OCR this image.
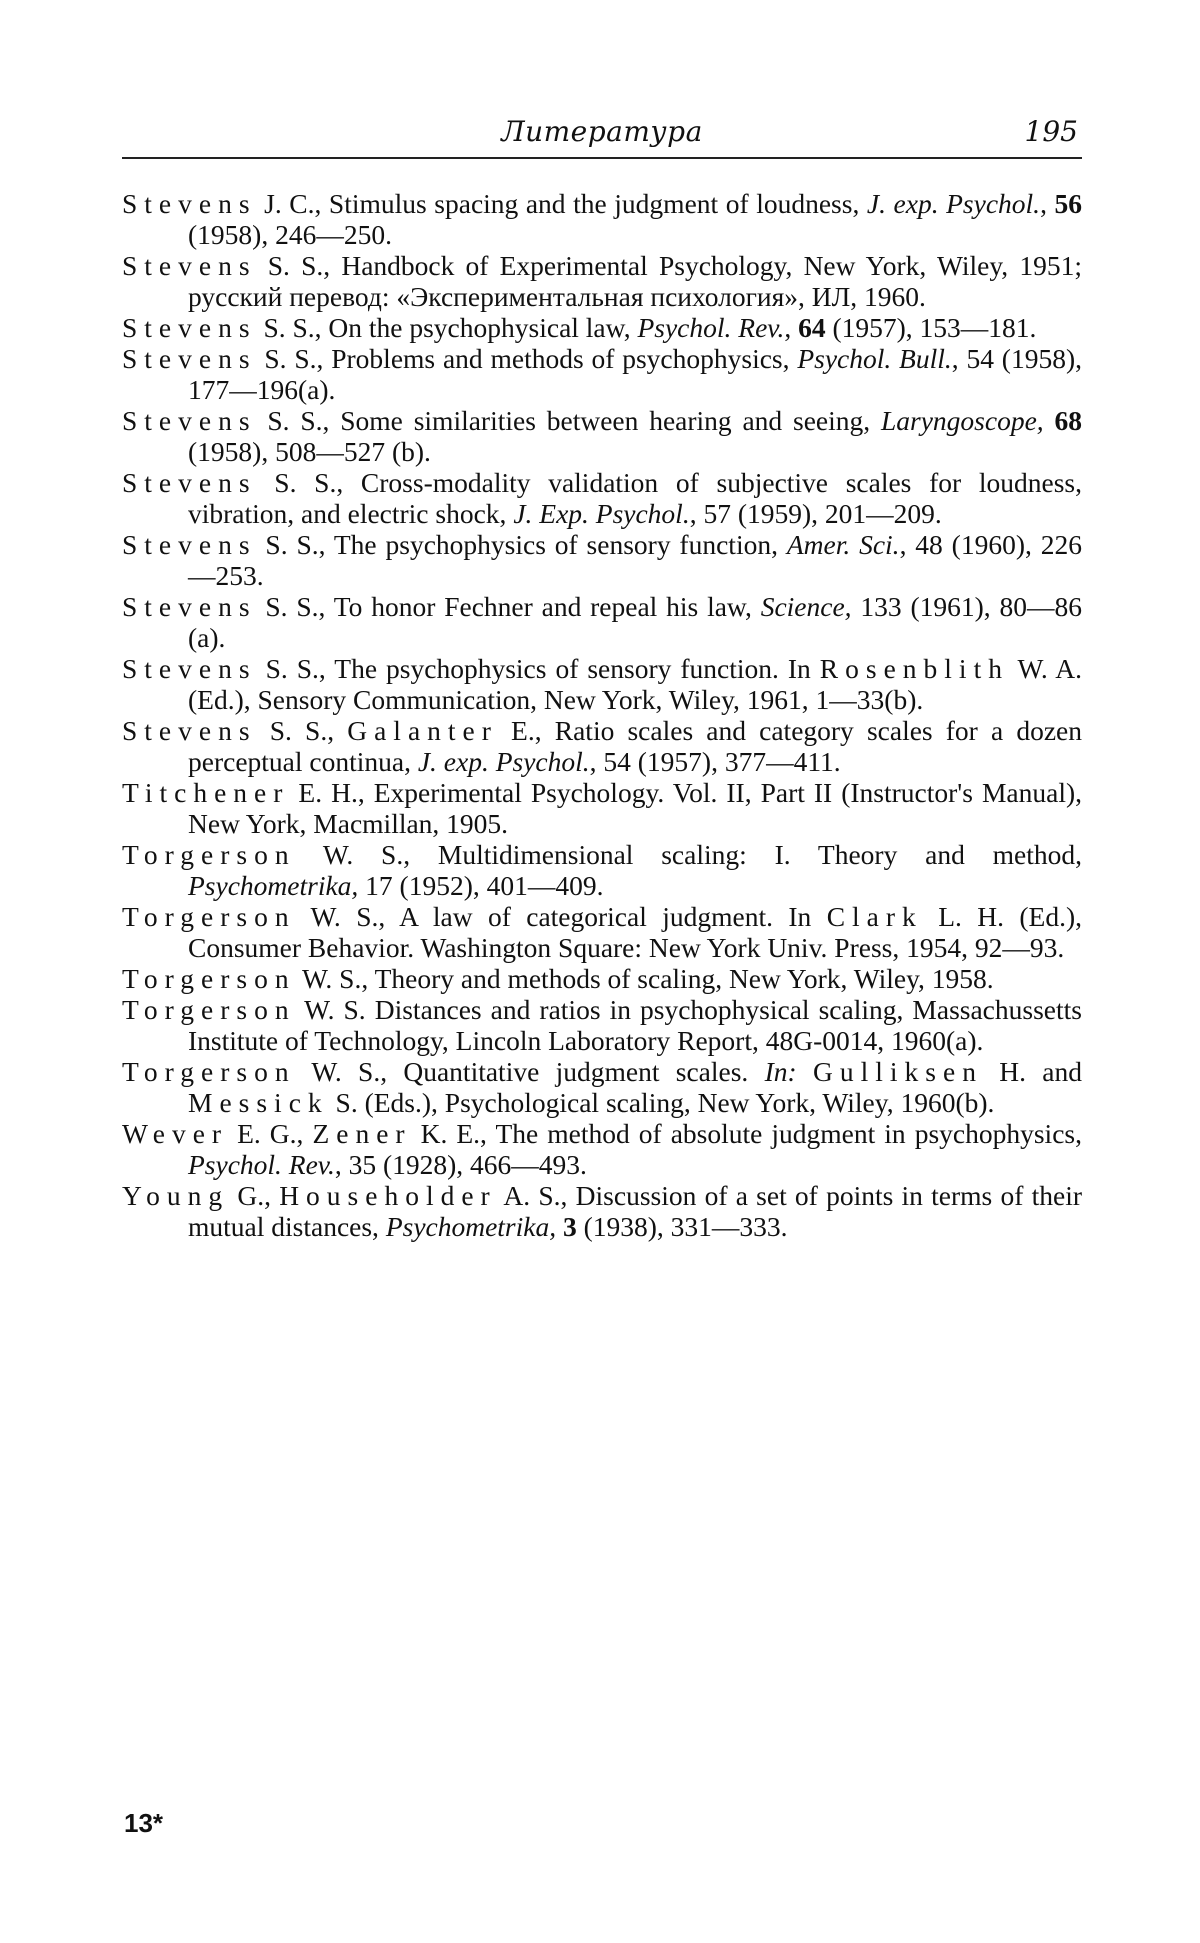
Литература	195
Stevens J. C., Stimulus spacing and the judgment of loudness, J. exp. Psychol., 56 (1958), 246—250.
Stevens S. S., Handbock of Experimental Psychology, New York, Wiley, 1951; русский перевод: «Экспериментальная психология», ИЛ, 1960.
Stevens S. S., On the psychophysical law, Psychol. Rev., 64 (1957), 153—181.
Stevens S. S., Problems and methods of psychophysics, Psychol. Bull., 54 (1958), 177—196(a).
Stevens S. S., Some similarities between hearing and seeing, Laryngoscope, 68 (1958), 508—527 (b).
Stevens S. S., Cross-modality validation of subjective scales for loudness, vibration, and electric shock, J. Exp. Psychol., 57 (1959), 201—209.
Stevens S. S., The psychophysics of sensory function, Amer. Sci., 48 (1960), 226—253.
Stevens S. S., To honor Fechner and repeal his law, Science, 133 (1961), 80—86 (a).
Stevens S. S., The psychophysics of sensory function. In Rosenblith W. A. (Ed.), Sensory Communication, New York, Wiley, 1961, 1—33(b).
Stevens S. S., Galanter E., Ratio scales and category scales for a dozen perceptual continua, J. exp. Psychol., 54 (1957), 377—411.
Titchener E. H., Experimental Psychology. Vol. II, Part II (Instructor's Manual), New York, Macmillan, 1905.
Torgerson W. S., Multidimensional scaling: I. Theory and method, Psychometrika, 17 (1952), 401—409.
Torgerson W. S., A law of categorical judgment. In Clark L. H. (Ed.), Consumer Behavior. Washington Square: New York Univ. Press, 1954, 92—93.
Torgerson W. S., Theory and methods of scaling, New York, Wiley, 1958.
Torgerson W. S. Distances and ratios in psychophysical scaling, Massachussetts Institute of Technology, Lincoln Laboratory Report, 48G-0014, 1960(a).
Torgerson W. S., Quantitative judgment scales. In: Gulliksen H. and Messick S. (Eds.), Psychological scaling, New York, Wiley, 1960(b).
Wever E. G., Zener K. E., The method of absolute judgment in psychophysics, Psychol. Rev., 35 (1928), 466—493.
Young G., Householder A. S., Discussion of a set of points in terms of their mutual distances, Psychometrika, 3 (1938), 331—333.
13*
